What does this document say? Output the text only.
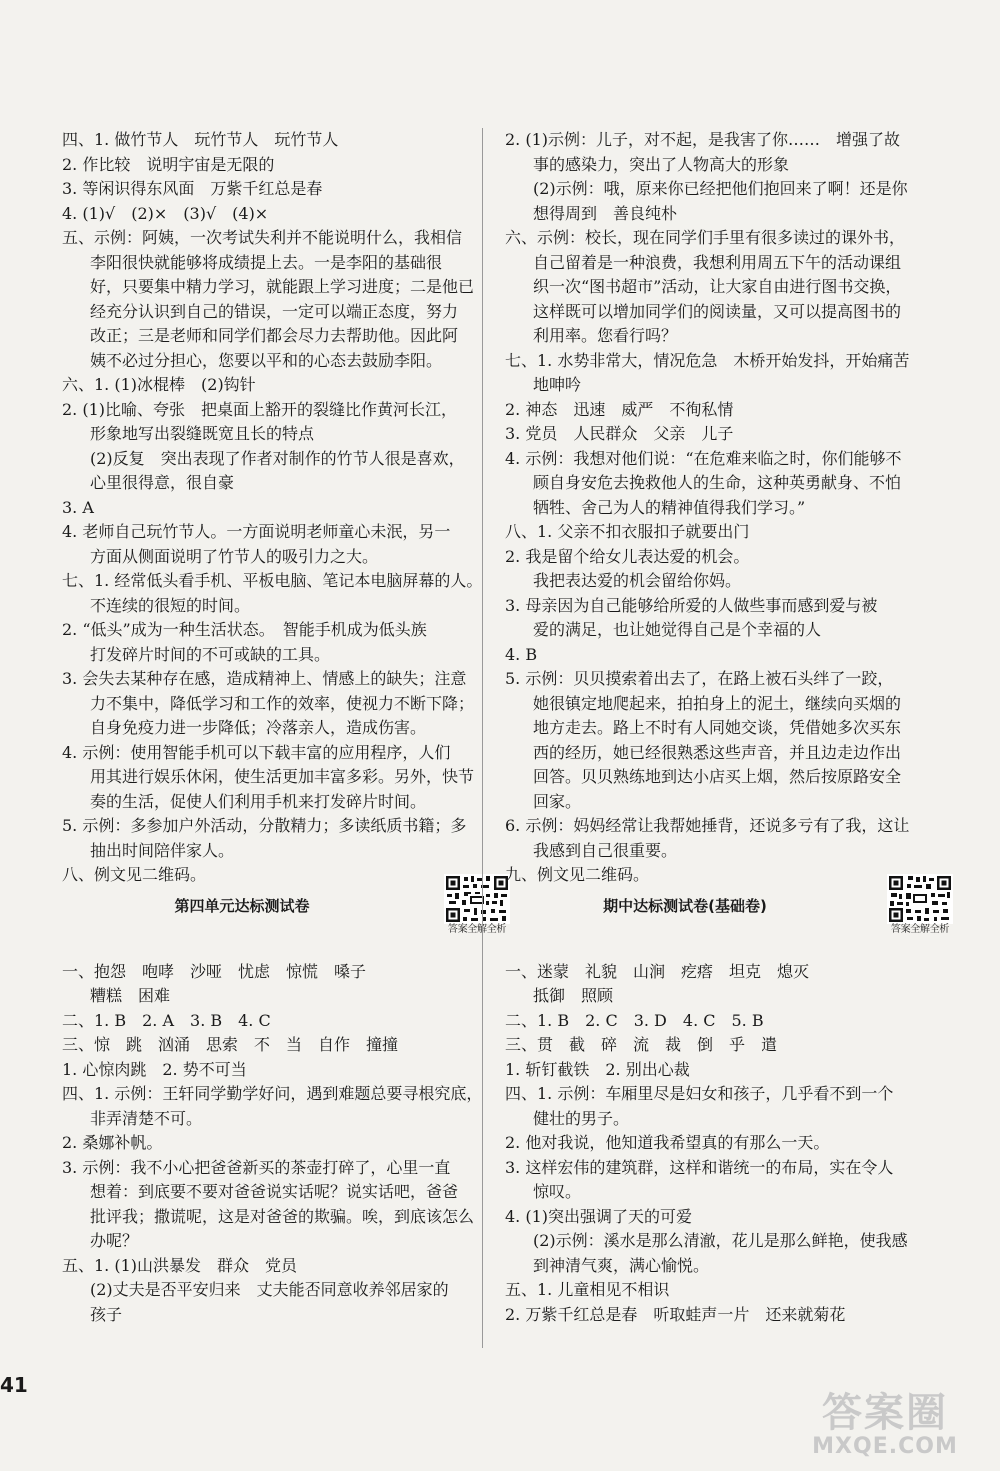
四、1. 做竹节人　玩竹节人　玩竹节人
2. 作比较　说明宇宙是无限的
3. 等闲识得东风面　万紫千红总是春
4. (1)√　(2)×　(3)√　(4)×
五、示例：阿姨，一次考试失利并不能说明什么，我相信
李阳很快就能够将成绩提上去。一是李阳的基础很
好，只要集中精力学习，就能跟上学习进度；二是他已
经充分认识到自己的错误，一定可以端正态度，努力
改正；三是老师和同学们都会尽力去帮助他。因此阿
姨不必过分担心，您要以平和的心态去鼓励李阳。
六、1. (1)冰棍棒　(2)钩针
2. (1)比喻、夸张　把桌面上豁开的裂缝比作黄河长江，
形象地写出裂缝既宽且长的特点
(2)反复　突出表现了作者对制作的竹节人很是喜欢，
心里很得意，很自豪
3. A
4. 老师自己玩竹节人。一方面说明老师童心未泯，另一
方面从侧面说明了竹节人的吸引力之大。
七、1. 经常低头看手机、平板电脑、笔记本电脑屏幕的人。
不连续的很短的时间。
2. “低头”成为一种生活状态。　智能手机成为低头族
打发碎片时间的不可或缺的工具。
3. 会失去某种存在感，造成精神上、情感上的缺失；注意
力不集中，降低学习和工作的效率，使视力不断下降；
自身免疫力进一步降低；冷落亲人，造成伤害。
4. 示例：使用智能手机可以下载丰富的应用程序，人们
用其进行娱乐休闲，使生活更加丰富多彩。另外，快节
奏的生活，促使人们利用手机来打发碎片时间。
5. 示例：多参加户外活动，分散精力；多读纸质书籍；多
抽出时间陪伴家人。
八、例文见二维码。
第四单元达标测试卷
答案全解全析
一、抱怨　咆哮　沙哑　忧虑　惊慌　嗓子
糟糕　困难
二、1. B　2. A　3. B　4. C
三、惊　跳　汹涌　思索　不　当　自作　撞撞
1. 心惊肉跳　2. 势不可当
四、1. 示例：王轩同学勤学好问，遇到难题总要寻根究底，
非弄清楚不可。
2. 桑娜补帆。
3. 示例：我不小心把爸爸新买的茶壶打碎了，心里一直
想着：到底要不要对爸爸说实话呢？说实话吧，爸爸
批评我；撒谎呢，这是对爸爸的欺骗。唉，到底该怎么
办呢？
五、1. (1)山洪暴发　群众　党员
(2)丈夫是否平安归来　丈夫能否同意收养邻居家的
孩子
2. (1)示例：儿子，对不起，是我害了你……　增强了故
事的感染力，突出了人物高大的形象
(2)示例：哦，原来你已经把他们抱回来了啊！还是你
想得周到　善良纯朴
六、示例：校长，现在同学们手里有很多读过的课外书，
自己留着是一种浪费，我想利用周五下午的活动课组
织一次“图书超市”活动，让大家自由进行图书交换，
这样既可以增加同学们的阅读量，又可以提高图书的
利用率。您看行吗？
七、1. 水势非常大，情况危急　木桥开始发抖，开始痛苦
地呻吟
2. 神态　迅速　威严　不徇私情
3. 党员　人民群众　父亲　儿子
4. 示例：我想对他们说：“在危难来临之时，你们能够不
顾自身安危去挽救他人的生命，这种英勇献身、不怕
牺牲、舍己为人的精神值得我们学习。”
八、1. 父亲不扣衣服扣子就要出门
2. 我是留个给女儿表达爱的机会。
我把表达爱的机会留给你妈。
3. 母亲因为自己能够给所爱的人做些事而感到爱与被
爱的满足，也让她觉得自己是个幸福的人
4. B
5. 示例：贝贝摸索着出去了，在路上被石头绊了一跤，
她很镇定地爬起来，拍拍身上的泥土，继续向买烟的
地方走去。路上不时有人同她交谈，凭借她多次买东
西的经历，她已经很熟悉这些声音，并且边走边作出
回答。贝贝熟练地到达小店买上烟，然后按原路安全
回家。
6. 示例：妈妈经常让我帮她捶背，还说多亏有了我，这让
我感到自己很重要。
九、例文见二维码。
期中达标测试卷(基础卷)
答案全解全析
一、迷蒙　礼貌　山涧　疙瘩　坦克　熄灭
抵御　照顾
二、1. B　2. C　3. D　4. C　5. B
三、贯　截　碎　流　裁　倒　乎　遣
1. 斩钉截铁　2. 别出心裁
四、1. 示例：车厢里尽是妇女和孩子，几乎看不到一个
健壮的男子。
2. 他对我说，他知道我希望真的有那么一天。
3. 这样宏伟的建筑群，这样和谐统一的布局，实在令人
惊叹。
4. (1)突出强调了天的可爱
(2)示例：溪水是那么清澈，花儿是那么鲜艳，使我感
到神清气爽，满心愉悦。
五、1. 儿童相见不相识
2. 万紫千红总是春　听取蛙声一片　还来就菊花
41
答案圈
MXQE.COM
